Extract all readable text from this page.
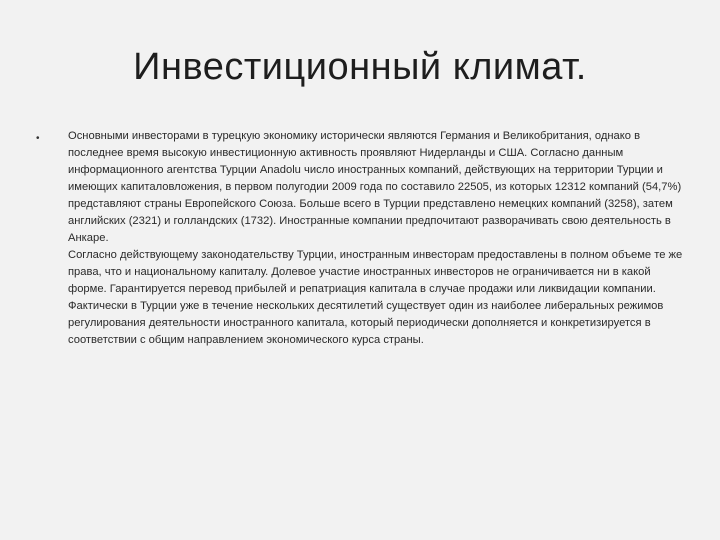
Инвестиционный климат.
•	Основными инвесторами в турецкую экономику исторически являются Германия и Великобритания, однако в последнее время высокую инвестиционную активность проявляют Нидерланды и США. Согласно данным информационного агентства Турции Anadolu число иностранных компаний, действующих на территории Турции и имеющих капиталовложения, в первом полугодии 2009 года по составило 22505, из которых 12312 компаний (54,7%) представляют страны Европейского Союза. Больше всего в Турции представлено немецких компаний (3258), затем английских (2321) и голландских (1732). Иностранные компании предпочитают разворачивать свою деятельность в Анкаре.

Согласно действующему законодательству Турции, иностранным инвесторам предоставлены в полном объеме те же права, что и национальному капиталу. Долевое участие иностранных инвесторов не ограничивается ни в какой форме. Гарантируется перевод прибылей и репатриация капитала в случае продажи или ликвидации компании. Фактически в Турции уже в течение нескольких десятилетий существует один из наиболее либеральных режимов регулирования деятельности иностранного капитала, который периодически дополняется и конкретизируется в соответствии с общим направлением экономического курса страны.
